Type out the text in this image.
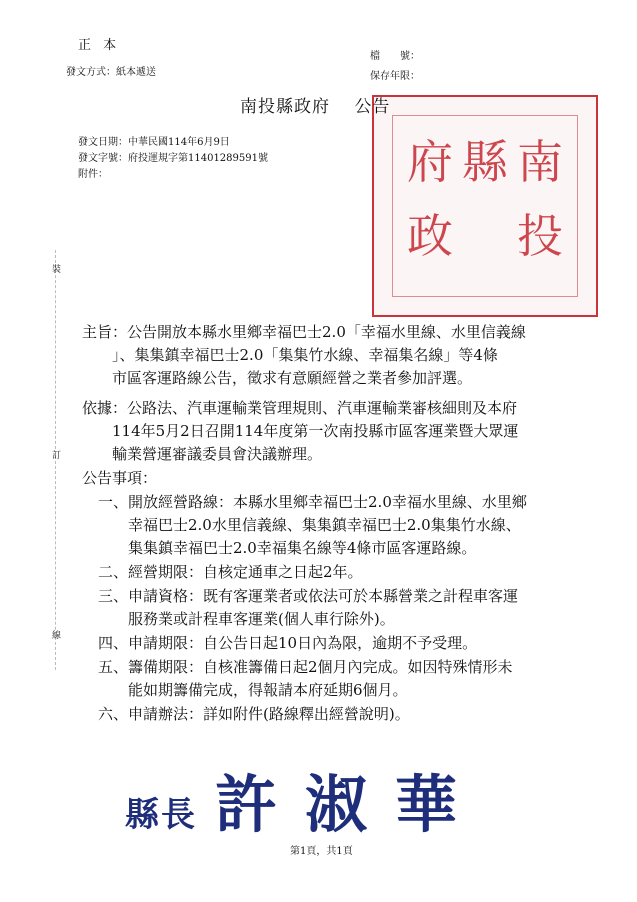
正 本
發文方式：紙本遞送
檔　　號：
保存年限：
府政
縣 南投
南投縣政府　 公告
發文日期：中華民國114年6月9日
發文字號：府投運規字第11401289591號
附件：
裝
訂
線
主旨：公告開放本縣水里鄉幸福巴士2.0「幸福水里線、水里信義線
　　」、集集鎮幸福巴士2.0「集集竹水線、幸福集名線」等4條
　　市區客運路線公告，徵求有意願經營之業者參加評選。
依據：公路法、汽車運輸業管理規則、汽車運輸業審核細則及本府
　　114年5月2日召開114年度第一次南投縣市區客運業暨大眾運
　　輸業營運審議委員會決議辦理。
公告事項：
一、開放經營路線：本縣水里鄉幸福巴士2.0幸福水里線、水里鄉
　　幸福巴士2.0水里信義線、集集鎮幸福巴士2.0集集竹水線、
　　集集鎮幸福巴士2.0幸福集名線等4條市區客運路線。
二、經營期限：自核定通車之日起2年。
三、申請資格：既有客運業者或依法可於本縣營業之計程車客運
　　服務業或計程車客運業(個人車行除外)。
四、申請期限：自公告日起10日內為限，逾期不予受理。
五、籌備期限：自核准籌備日起2個月內完成。如因特殊情形未
　　能如期籌備完成，得報請本府延期6個月。
六、申請辦法：詳如附件(路線釋出經營說明)。
縣長 許淑華
第1頁，共1頁
